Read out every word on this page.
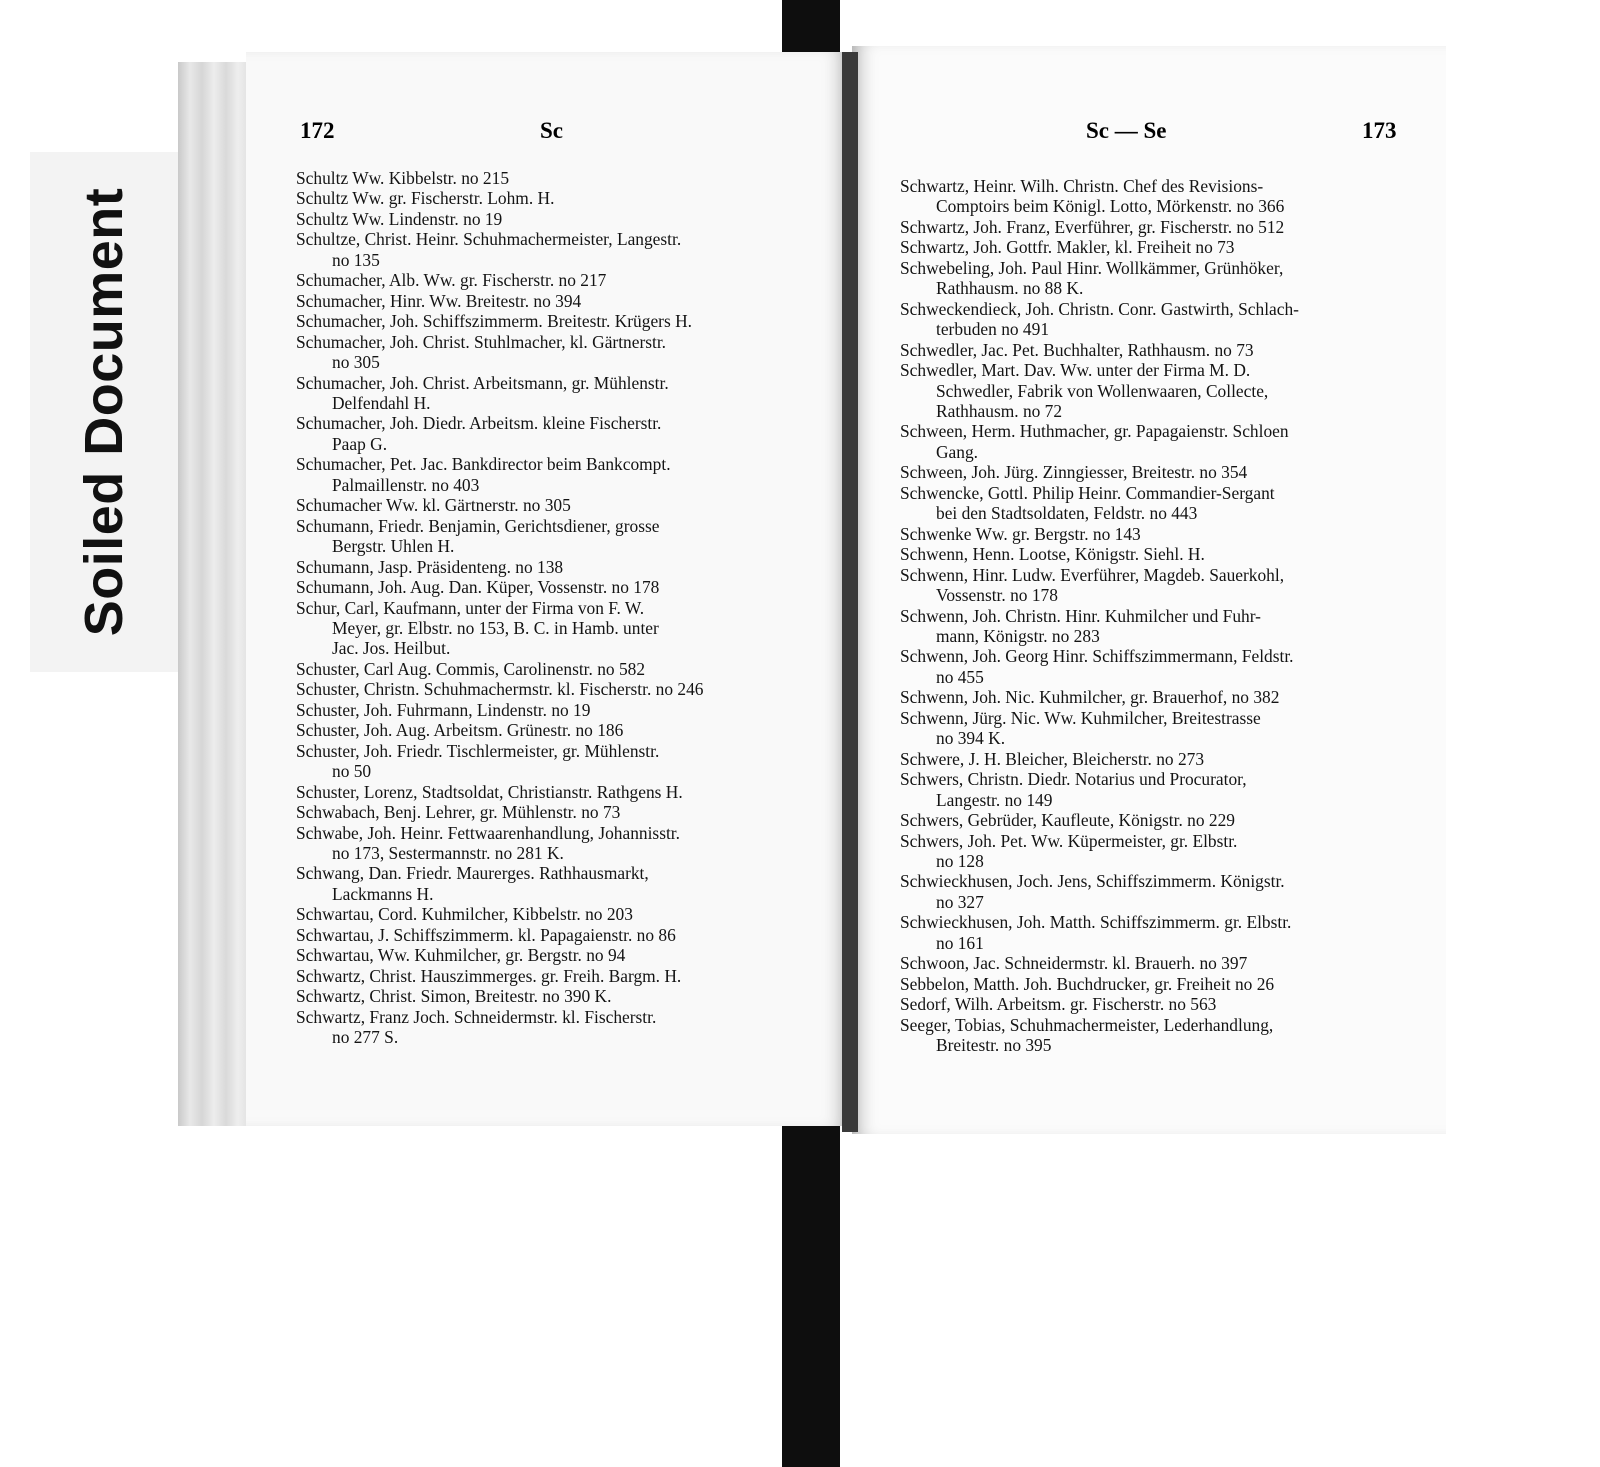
Soiled Document
172	Sc	Sc — Se	173
Schultz Ww. Kibbelstr. no 215
Schultz Ww. gr. Fischerstr. Lohm. H.
Schultz Ww. Lindenstr. no 19
Schultze, Christ. Heinr. Schuhmachermeister, Langestr.
no 135
Schumacher, Alb. Ww. gr. Fischerstr. no 217
Schumacher, Hinr. Ww. Breitestr. no 394
Schumacher, Joh. Schiffszimmerm. Breitestr. Krügers H.
Schumacher, Joh. Christ. Stuhlmacher, kl. Gärtnerstr.
no 305
Schumacher, Joh. Christ. Arbeitsmann, gr. Mühlenstr.
Delfendahl H.
Schumacher, Joh. Diedr. Arbeitsm. kleine Fischerstr.
Paap G.
Schumacher, Pet. Jac. Bankdirector beim Bankcompt.
Palmaillenstr. no 403
Schumacher Ww. kl. Gärtnerstr. no 305
Schumann, Friedr. Benjamin, Gerichtsdiener, grosse
Bergstr. Uhlen H.
Schumann, Jasp. Präsidenteng. no 138
Schumann, Joh. Aug. Dan. Küper, Vossenstr. no 178
Schur, Carl, Kaufmann, unter der Firma von F. W.
Meyer, gr. Elbstr. no 153, B. C. in Hamb. unter
Jac. Jos. Heilbut.
Schuster, Carl Aug. Commis, Carolinenstr. no 582
Schuster, Christn. Schuhmachermstr. kl. Fischerstr. no 246
Schuster, Joh. Fuhrmann, Lindenstr. no 19
Schuster, Joh. Aug. Arbeitsm. Grünestr. no 186
Schuster, Joh. Friedr. Tischlermeister, gr. Mühlenstr.
no 50
Schuster, Lorenz, Stadtsoldat, Christianstr. Rathgens H.
Schwabach, Benj. Lehrer, gr. Mühlenstr. no 73
Schwabe, Joh. Heinr. Fettwaarenhandlung, Johannisstr.
no 173, Sestermannstr. no 281 K.
Schwang, Dan. Friedr. Maurerges. Rathhausmarkt,
Lackmanns H.
Schwartau, Cord. Kuhmilcher, Kibbelstr. no 203
Schwartau, J. Schiffszimmerm. kl. Papagaienstr. no 86
Schwartau, Ww. Kuhmilcher, gr. Bergstr. no 94
Schwartz, Christ. Hauszimmerges. gr. Freih. Bargm. H.
Schwartz, Christ. Simon, Breitestr. no 390 K.
Schwartz, Franz Joch. Schneidermstr. kl. Fischerstr.
no 277 S.
Schwartz, Heinr. Wilh. Christn. Chef des Revisions-
Comptoirs beim Königl. Lotto, Mörkenstr. no 366
Schwartz, Joh. Franz, Everführer, gr. Fischerstr. no 512
Schwartz, Joh. Gottfr. Makler, kl. Freiheit no 73
Schwebeling, Joh. Paul Hinr. Wollkämmer, Grünhöker,
Rathhausm. no 88 K.
Schweckendieck, Joh. Christn. Conr. Gastwirth, Schlach-
terbuden no 491
Schwedler, Jac. Pet. Buchhalter, Rathhausm. no 73
Schwedler, Mart. Dav. Ww. unter der Firma M. D.
Schwedler, Fabrik von Wollenwaaren, Collecte,
Rathhausm. no 72
Schween, Herm. Huthmacher, gr. Papagaienstr. Schloen
Gang.
Schween, Joh. Jürg. Zinngiesser, Breitestr. no 354
Schwencke, Gottl. Philip Heinr. Commandier-Sergant
bei den Stadtsoldaten, Feldstr. no 443
Schwenke Ww. gr. Bergstr. no 143
Schwenn, Henn. Lootse, Königstr. Siehl. H.
Schwenn, Hinr. Ludw. Everführer, Magdeb. Sauerkohl,
Vossenstr. no 178
Schwenn, Joh. Christn. Hinr. Kuhmilcher und Fuhr-
mann, Königstr. no 283
Schwenn, Joh. Georg Hinr. Schiffszimmermann, Feldstr.
no 455
Schwenn, Joh. Nic. Kuhmilcher, gr. Brauerhof, no 382
Schwenn, Jürg. Nic. Ww. Kuhmilcher, Breitestrasse
no 394 K.
Schwere, J. H. Bleicher, Bleicherstr. no 273
Schwers, Christn. Diedr. Notarius und Procurator,
Langestr. no 149
Schwers, Gebrüder, Kaufleute, Königstr. no 229
Schwers, Joh. Pet. Ww. Küpermeister, gr. Elbstr.
no 128
Schwieckhusen, Joch. Jens, Schiffszimmerm. Königstr.
no 327
Schwieckhusen, Joh. Matth. Schiffszimmerm. gr. Elbstr.
no 161
Schwoon, Jac. Schneidermstr. kl. Brauerh. no 397
Sebbelon, Matth. Joh. Buchdrucker, gr. Freiheit no 26
Sedorf, Wilh. Arbeitsm. gr. Fischerstr. no 563
Seeger, Tobias, Schuhmachermeister, Lederhandlung,
Breitestr. no 395
